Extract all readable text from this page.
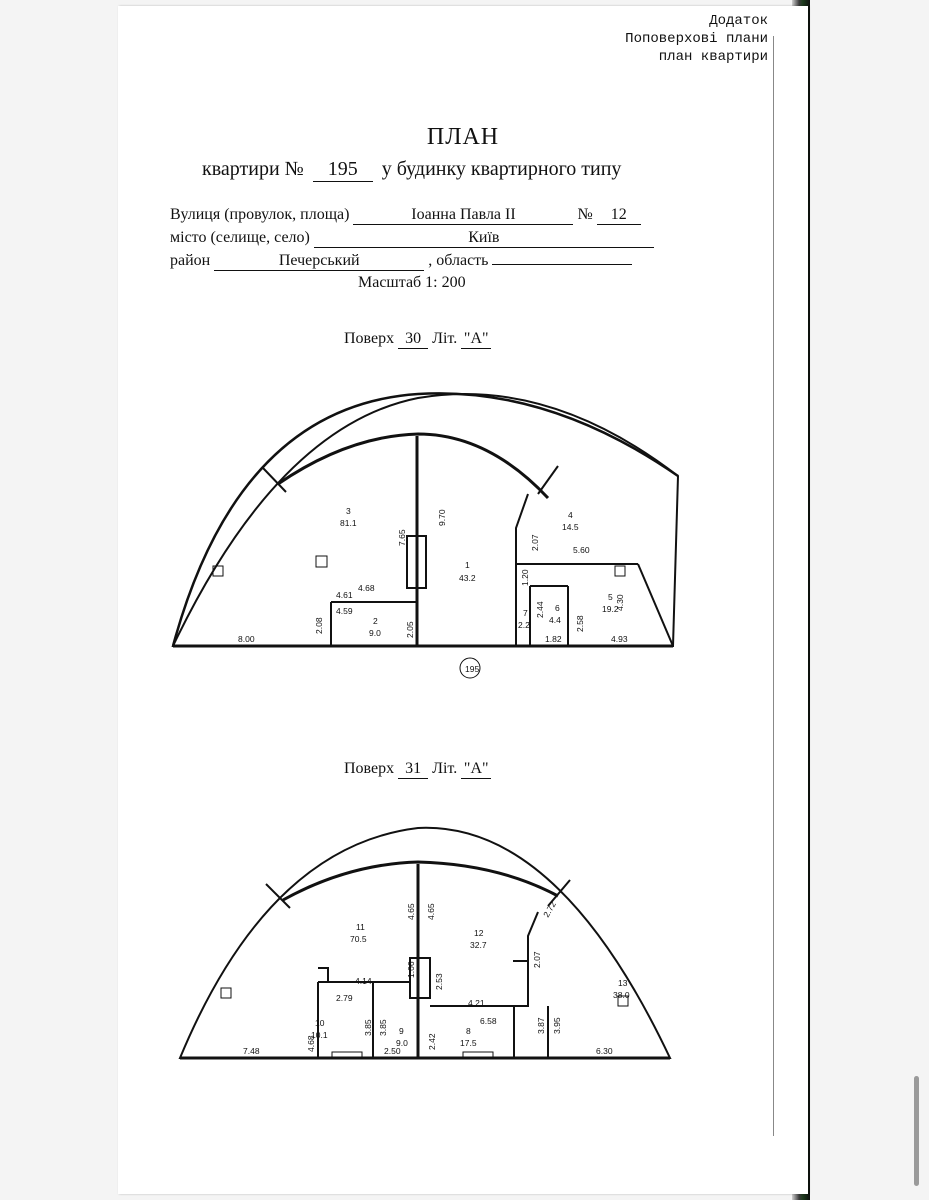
Додаток
Поповерхові плани
план квартири
ПЛАН
квартири № 195 у будинку квартирного типу
Вулиця (провулок, площа)	Іоанна Павла II	№ 12
місто (селище, село)	Київ
район	Печерський	, область
Масштаб 1: 200
Поверх 30 Літ. "А"
Поверх 31 Літ. "А"
3
81.1
1
43.2
4
14.5
5
19.2
2
9.0
7
2.2
6
4.4
195
4.68
4.61
4.59
8.00	1.82	4.93
5.60
7.65
9.70
2.07
1.20
4.30
2.08	2.05
2.44
2.58
11
70.5
12
32.7
13
38.0
10
10.1	9
9.0
8
17.5
4.14
2.79	4.21
6.58
7.48	2.50	6.30
4.65 4.65	2.72
2.07
1.06
2.53
3.85 3.85	3.87 3.95
4.68	2.42
